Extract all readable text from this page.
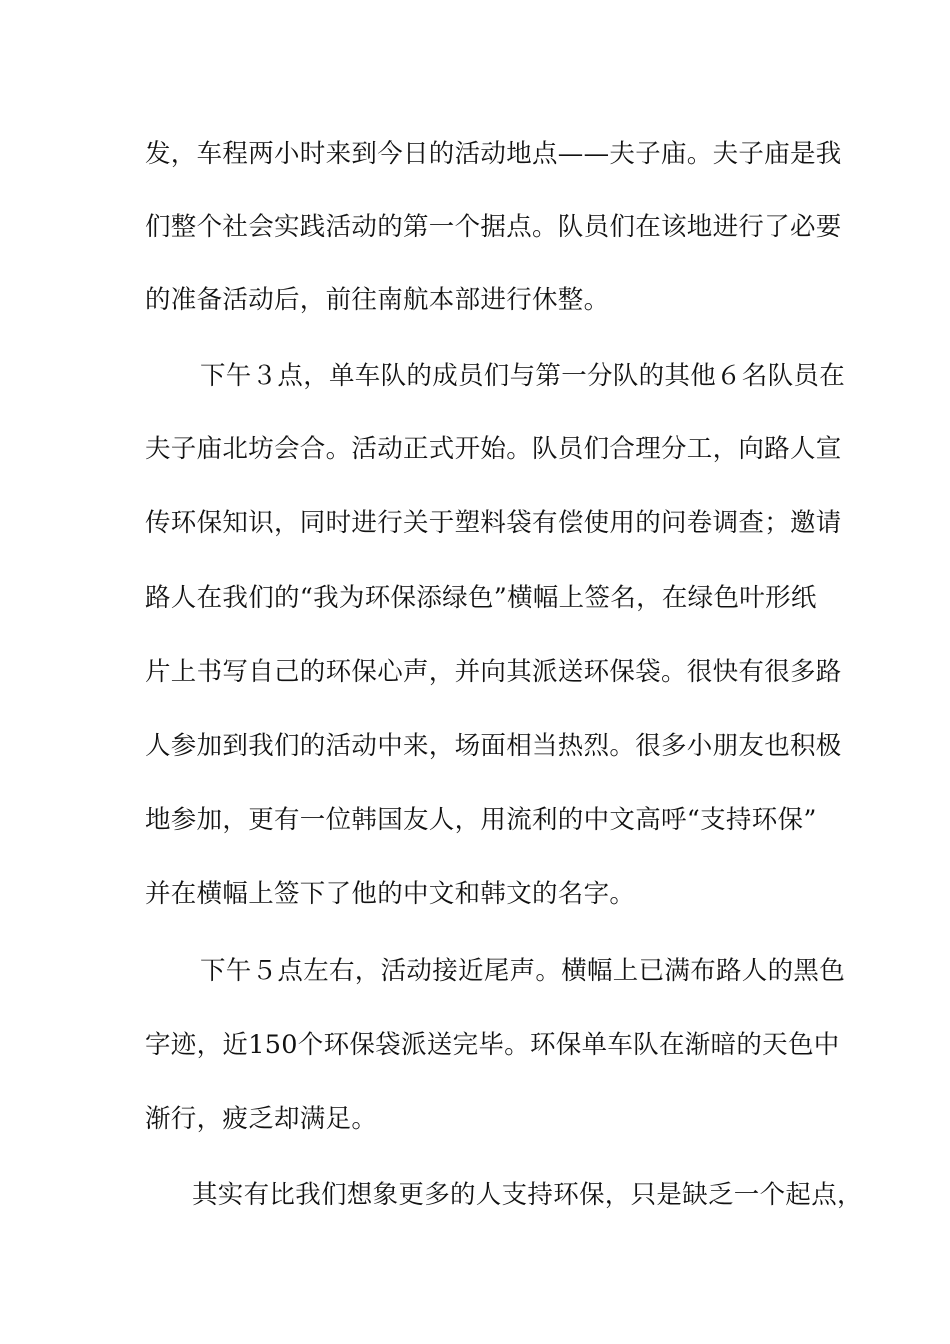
发，车程两小时来到今日的活动地点——夫子庙。夫子庙是我
们整个社会实践活动的第一个据点。队员们在该地进行了必要
的准备活动后，前往南航本部进行休整。
下午３点，单车队的成员们与第一分队的其他６名队员在
夫子庙北坊会合。活动正式开始。队员们合理分工，向路人宣
传环保知识，同时进行关于塑料袋有偿使用的问卷调查；邀请
路人在我们的“我为环保添绿色”横幅上签名，在绿色叶形纸
片上书写自己的环保心声，并向其派送环保袋。很快有很多路
人参加到我们的活动中来，场面相当热烈。很多小朋友也积极
地参加，更有一位韩国友人，用流利的中文高呼“支持环保”
并在横幅上签下了他的中文和韩文的名字。
下午５点左右，活动接近尾声。横幅上已满布路人的黑色
字迹，近150个环保袋派送完毕。环保单车队在渐暗的天色中
渐行，疲乏却满足。
其实有比我们想象更多的人支持环保，只是缺乏一个起点，
